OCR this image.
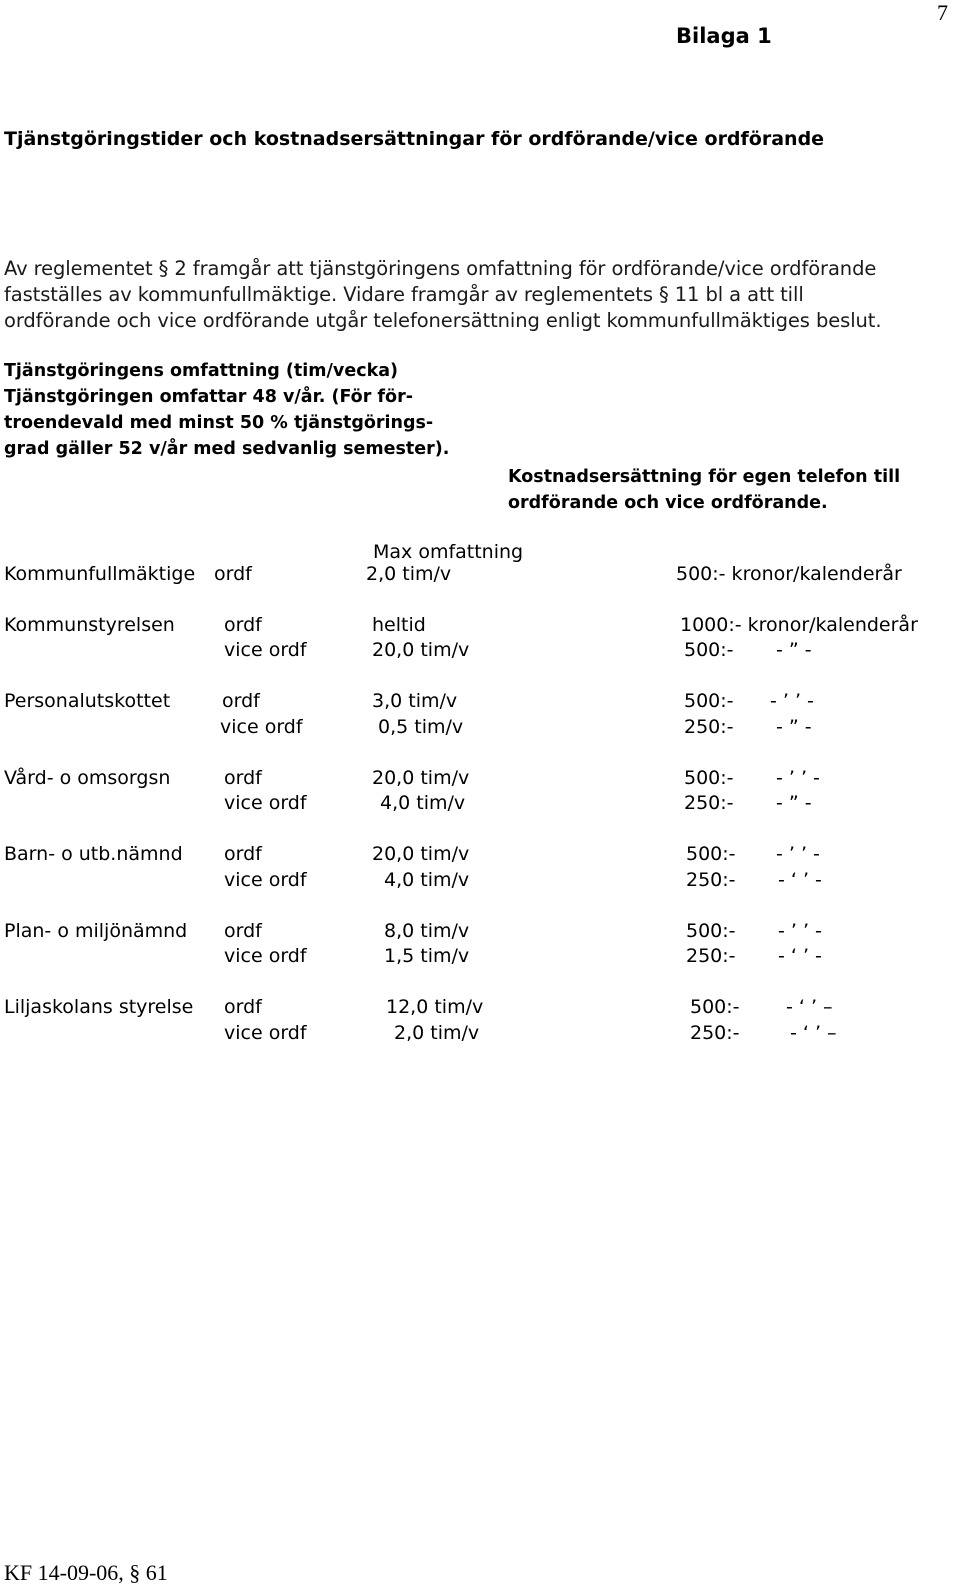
7
Bilaga 1
Tjänstgöringstider och kostnadsersättningar för ordförande/vice ordförande
Av reglementet § 2 framgår att tjänstgöringens omfattning för ordförande/vice ordförande
fastställes av kommunfullmäktige. Vidare framgår av reglementets § 11 bl a att till
ordförande och vice ordförande utgår telefonersättning enligt kommunfullmäktiges beslut.
Tjänstgöringens omfattning (tim/vecka)
Tjänstgöringen omfattar 48 v/år. (För för-
troendevald med minst 50 % tjänstgörings-
grad gäller 52 v/år med sedvanlig semester).
Kostnadsersättning för egen telefon till
ordförande och vice ordförande.
Max omfattning
Kommunfullmäktige ordf	2,0 tim/v	500:- kronor/kalenderår
Kommunstyrelsen	ordf	heltid	1000:- kronor/kalenderår
vice ordf	20,0 tim/v	500:- - ” -
Personalutskottet	ordf	3,0 tim/v	500:- - ’ ’ -
vice ordf	0,5 tim/v	250:- - ” -
Vård- o omsorgsn	ordf	20,0 tim/v	500:- - ’ ’ -
vice ordf	4,0 tim/v	250:- - ” -
Barn- o utb.nämnd ordf	20,0 tim/v	500:- - ’ ’ -
vice ordf	4,0 tim/v	250:- - ‘ ’ -
Plan- o miljönämnd ordf	8,0 tim/v	500:- - ’ ’ -
vice ordf	1,5 tim/v	250:- - ‘ ’ -
Liljaskolans styrelse ordf	12,0 tim/v	500:- - ‘ ’ –
vice ordf	2,0 tim/v	250:-	- ‘ ’ –
KF 14-09-06, § 61
